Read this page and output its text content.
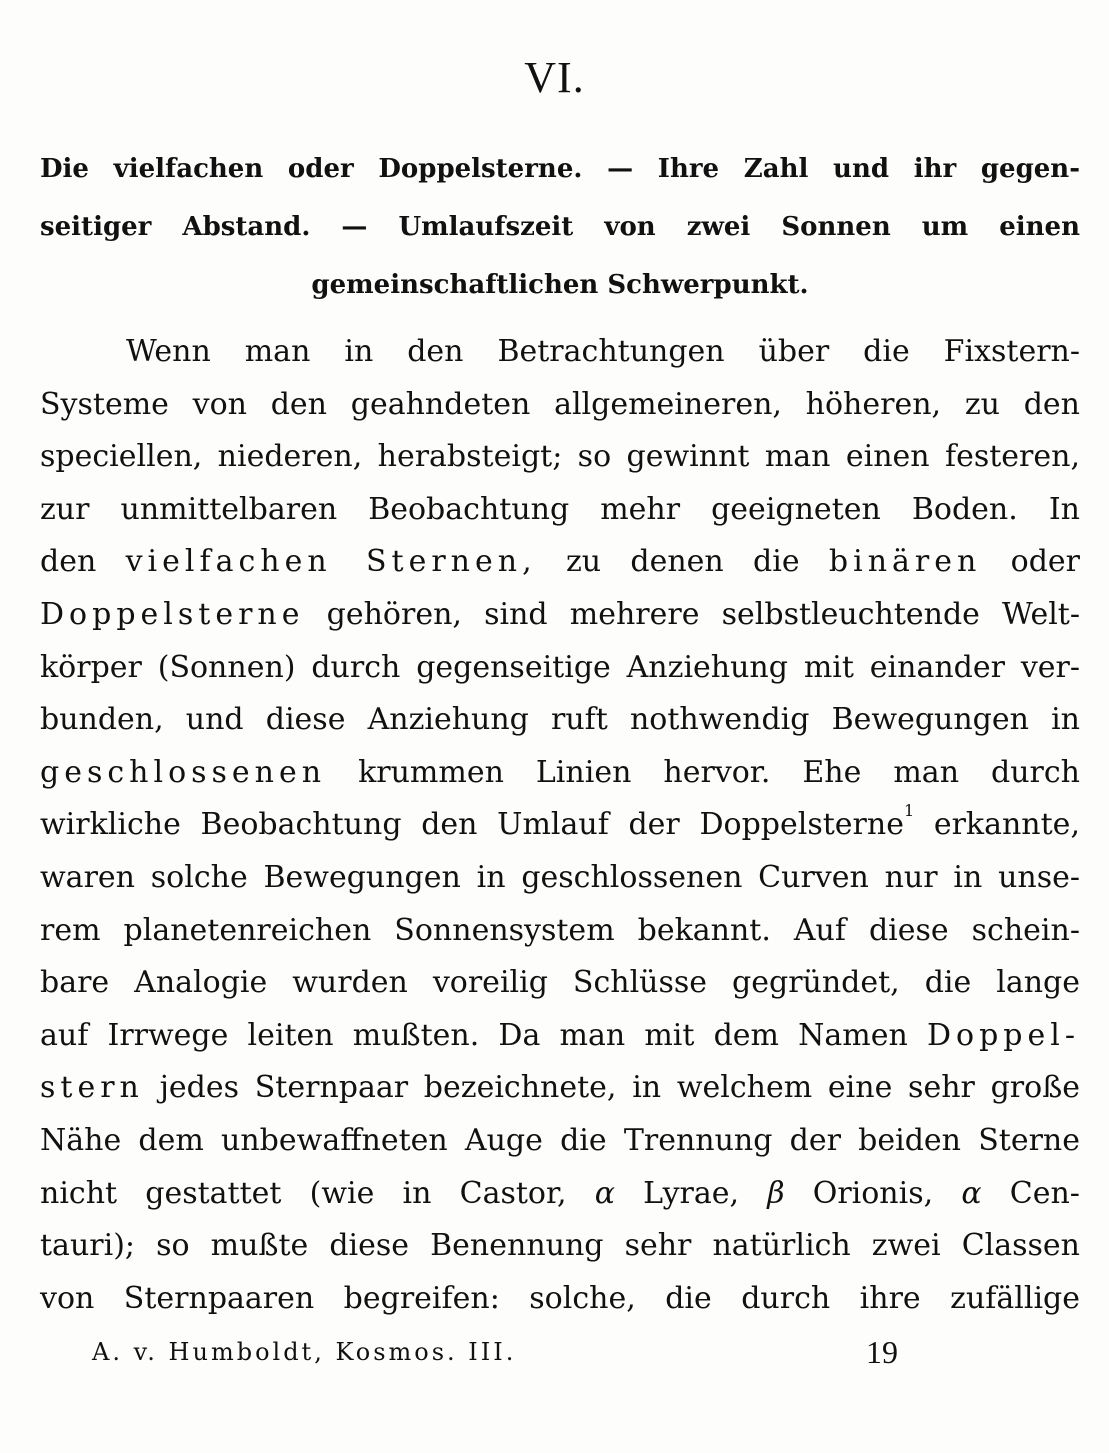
VI.
Die vielfachen oder Doppelsterne. — Ihre Zahl und ihr gegen-
seitiger Abstand. — Umlaufszeit von zwei Sonnen um einen
gemeinschaftlichen Schwerpunkt.
Wenn man in den Betrachtungen über die Fixstern-
Systeme von den geahndeten allgemeineren, höheren, zu den
speciellen, niederen, herabsteigt; so gewinnt man einen festeren,
zur unmittelbaren Beobachtung mehr geeigneten Boden. In
den vielfachen Sternen, zu denen die binären oder
Doppelsterne gehören, sind mehrere selbstleuchtende Welt-
körper (Sonnen) durch gegenseitige Anziehung mit einander ver-
bunden, und diese Anziehung ruft nothwendig Bewegungen in
geschlossenen krummen Linien hervor. Ehe man durch
wirkliche Beobachtung den Umlauf der Doppelsterne$^1$ erkannte,
waren solche Bewegungen in geschlossenen Curven nur in unse-
rem planetenreichen Sonnensystem bekannt. Auf diese schein-
bare Analogie wurden voreilig Schlüsse gegründet, die lange
auf Irrwege leiten mußten. Da man mit dem Namen Doppel-
stern jedes Sternpaar bezeichnete, in welchem eine sehr große
Nähe dem unbewaffneten Auge die Trennung der beiden Sterne
nicht gestattet (wie in Castor, α Lyrae, β Orionis, α Cen-
tauri); so mußte diese Benennung sehr natürlich zwei Classen
von Sternpaaren begreifen: solche, die durch ihre zufällige
A. v. Humboldt, Kosmos. III.	19
